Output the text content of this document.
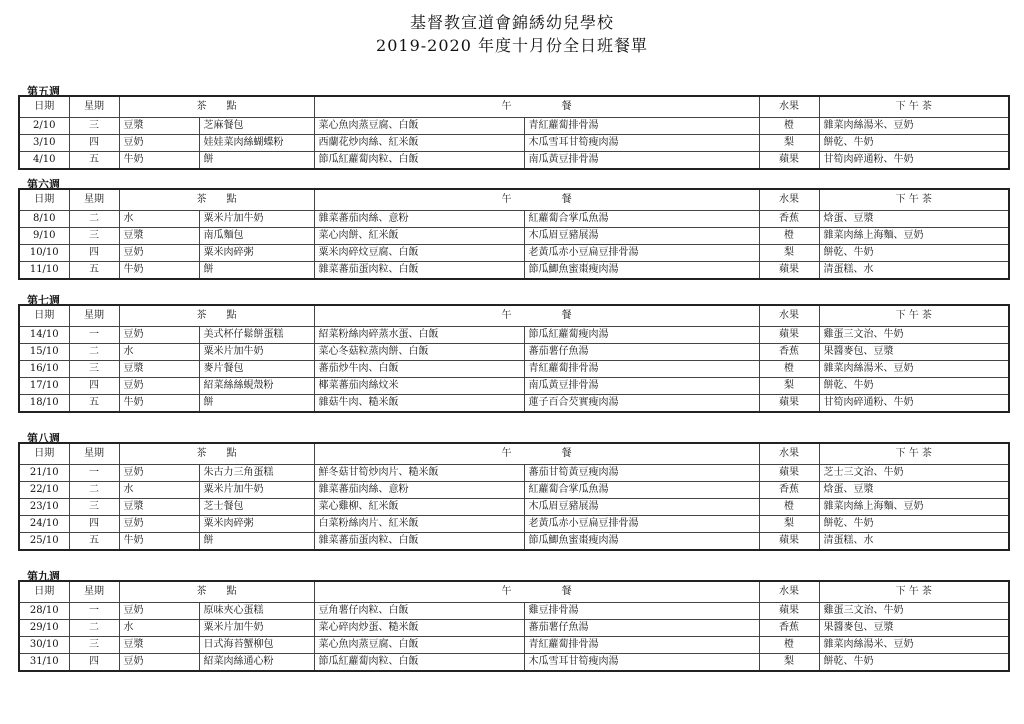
基督教宣道會錦綉幼兒學校
2019-2020 年度十月份全日班餐單
第五週
日期	星期	茶　　點		午　　　　　餐		水果	下 午 茶
2/10	三	豆漿	芝麻餐包	菜心魚肉蒸豆腐、白飯	青紅蘿蔔排骨湯	橙	雜菜肉絲湯米、豆奶
3/10	四	豆奶	娃娃菜肉絲蝴蝶粉	西蘭花炒肉絲、紅米飯	木瓜雪耳甘筍瘦肉湯	梨	餅乾、牛奶
4/10	五	牛奶	餅	節瓜紅蘿蔔肉粒、白飯	南瓜黃豆排骨湯	蘋果	甘筍肉碎通粉、牛奶
第六週
日期	星期	茶　　點		午　　　　　餐		水果	下 午 茶
8/10	二	水	粟米片加牛奶	雜菜蕃茄肉絲、意粉	紅蘿蔔合掌瓜魚湯	香蕉	焓蛋、豆漿
9/10	三	豆漿	南瓜麵包	菜心肉餅、紅米飯	木瓜眉豆豬展湯	橙	雜菜肉絲上海麵、豆奶
10/10	四	豆奶	粟米肉碎粥	粟米肉碎炆豆腐、白飯	老黃瓜赤小豆扁豆排骨湯	梨	餅乾、牛奶
11/10	五	牛奶	餅	雜菜蕃茄蛋肉粒、白飯	節瓜鯽魚蜜棗瘦肉湯	蘋果	清蛋糕、水
第七週
日期	星期	茶　　點		午　　　　　餐		水果	下 午 茶
14/10	一	豆奶	美式杯仔鬆餅蛋糕	紹菜粉絲肉碎蒸水蛋、白飯	節瓜紅蘿蔔瘦肉湯	蘋果	雞蛋三文治、牛奶
15/10	二	水	粟米片加牛奶	菜心冬菇粒蒸肉餅、白飯	蕃茄薯仔魚湯	香蕉	果醬麥包、豆漿
16/10	三	豆漿	麥片餐包	蕃茄炒牛肉、白飯	青紅蘿蔔排骨湯	橙	雜菜肉絲湯米、豆奶
17/10	四	豆奶	紹菜絲絲蜆殼粉	椰菜蕃茄肉絲炆米	南瓜黃豆排骨湯	梨	餅乾、牛奶
18/10	五	牛奶	餅	雜菇牛肉、糙米飯	蓮子百合芡實瘦肉湯	蘋果	甘筍肉碎通粉、牛奶
第八週
日期	星期	茶　　點		午　　　　　餐		水果	下 午 茶
21/10	一	豆奶	朱古力三角蛋糕	鮮冬菇甘筍炒肉片、糙米飯	蕃茄甘筍黃豆瘦肉湯	蘋果	芝士三文治、牛奶
22/10	二	水	粟米片加牛奶	雜菜蕃茄肉絲、意粉	紅蘿蔔合掌瓜魚湯	香蕉	焓蛋、豆漿
23/10	三	豆漿	芝士餐包	菜心雞柳、紅米飯	木瓜眉豆豬展湯	橙	雜菜肉絲上海麵、豆奶
24/10	四	豆奶	粟米肉碎粥	白菜粉絲肉片、紅米飯	老黃瓜赤小豆扁豆排骨湯	梨	餅乾、牛奶
25/10	五	牛奶	餅	雜菜蕃茄蛋肉粒、白飯	節瓜鯽魚蜜棗瘦肉湯	蘋果	清蛋糕、水
第九週
日期	星期	茶　　點		午　　　　　餐		水果	下 午 茶
28/10	一	豆奶	原味夾心蛋糕	豆角薯仔肉粒、白飯	雞豆排骨湯	蘋果	雞蛋三文治、牛奶
29/10	二	水	粟米片加牛奶	菜心碎肉炒蛋、糙米飯	蕃茄薯仔魚湯	香蕉	果醬麥包、豆漿
30/10	三	豆漿	日式海苔蟹柳包	菜心魚肉蒸豆腐、白飯	青紅蘿蔔排骨湯	橙	雜菜肉絲湯米、豆奶
31/10	四	豆奶	紹菜肉絲通心粉	節瓜紅蘿蔔肉粒、白飯	木瓜雪耳甘筍瘦肉湯	梨	餅乾、牛奶
